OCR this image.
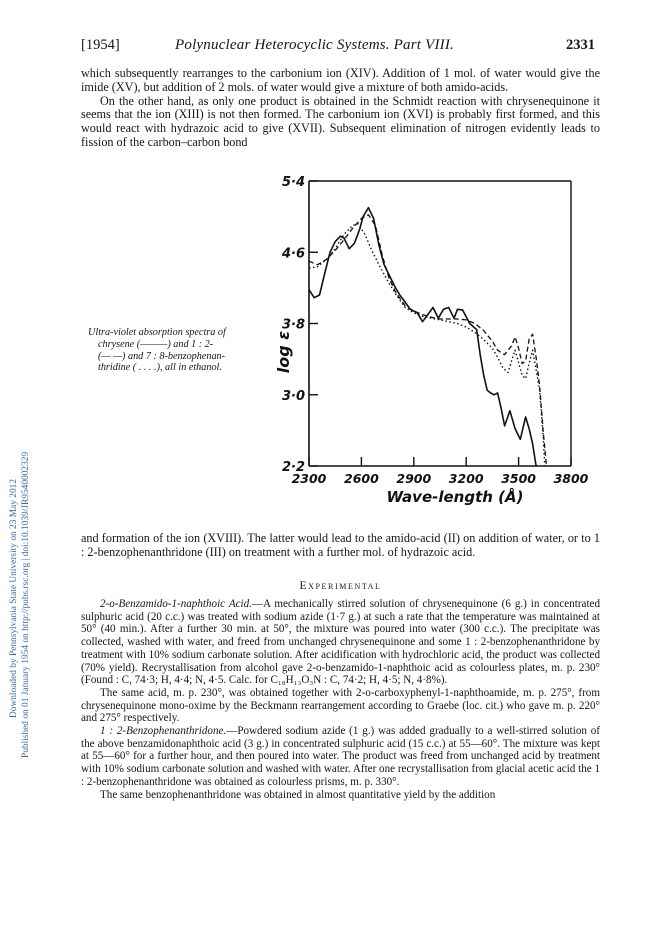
[1954]	Polynuclear Heterocyclic Systems. Part VIII.	2331
Published on 01 January 1954 on http://pubs.rsc.org | doi:10.1039/JR9540002329
Downloaded by Pennsylvania State University on 23 May 2012

which subsequently rearranges to the carbonium ion (XIV). Addition of 1 mol. of water would give the imide (XV), but addition of 2 mols. of water would give a mixture of both amido-acids.

On the other hand, as only one product is obtained in the Schmidt reaction with chrysenequinone it seems that the ion (XIII) is not then formed. The carbonium ion (XVI) is probably first formed, and this would react with hydrazoic acid to give (XVII). Subsequent elimination of nitrogen evidently leads to fission of the carbon–carbon bond

Ultra-violet absorption spectra of
chrysene (———) and 1 : 2-
(— —) and 7 : 8-benzophenan-
thridine ( . . . .), all in ethanol.
5·4
4·6
3·8
3·0
2·2
2300 2600 2900 3200 3500 3800
log ε
Wave-length (Å)

and formation of the ion (XVIII). The latter would lead to the amido-acid (II) on addition of water, or to 1 : 2-benzophenanthridone (III) on treatment with a further mol. of hydrazoic acid.

Experimental

2-o-Benzamido-1-naphthoic Acid.—A mechanically stirred solution of chrysenequinone (6 g.) in concentrated sulphuric acid (20 c.c.) was treated with sodium azide (1·7 g.) at such a rate that the temperature was maintained at 50° (40 min.). After a further 30 min. at 50°, the mixture was poured into water (300 c.c.). The precipitate was collected, washed with water, and freed from unchanged chrysenequinone and some 1 : 2-benzophenanthridone by treatment with 10% sodium carbonate solution. After acidification with hydrochloric acid, the product was collected (70% yield). Recrystallisation from alcohol gave 2-o-benzamido-1-naphthoic acid as colourless plates, m. p. 230° (Found : C, 74·3; H, 4·4; N, 4·5. Calc. for C₁₈H₁₃O₃N : C, 74·2; H, 4·5; N, 4·8%).

The same acid, m. p. 230°, was obtained together with 2-o-carboxyphenyl-1-naphthoamide, m. p. 275°, from chrysenequinone mono-oxime by the Beckmann rearrangement according to Graebe (loc. cit.) who gave m. p. 220° and 275° respectively.

1 : 2-Benzophenanthridone.—Powdered sodium azide (1 g.) was added gradually to a well-stirred solution of the above benzamidonaphthoic acid (3 g.) in concentrated sulphuric acid (15 c.c.) at 55—60°. The mixture was kept at 55—60° for a further hour, and then poured into water. The product was freed from unchanged acid by treatment with 10% sodium carbonate solution and washed with water. After one recrystallisation from glacial acetic acid the 1 : 2-benzophenanthridone was obtained as colourless prisms, m. p. 330°.

The same benzophenanthridone was obtained in almost quantitative yield by the addition
